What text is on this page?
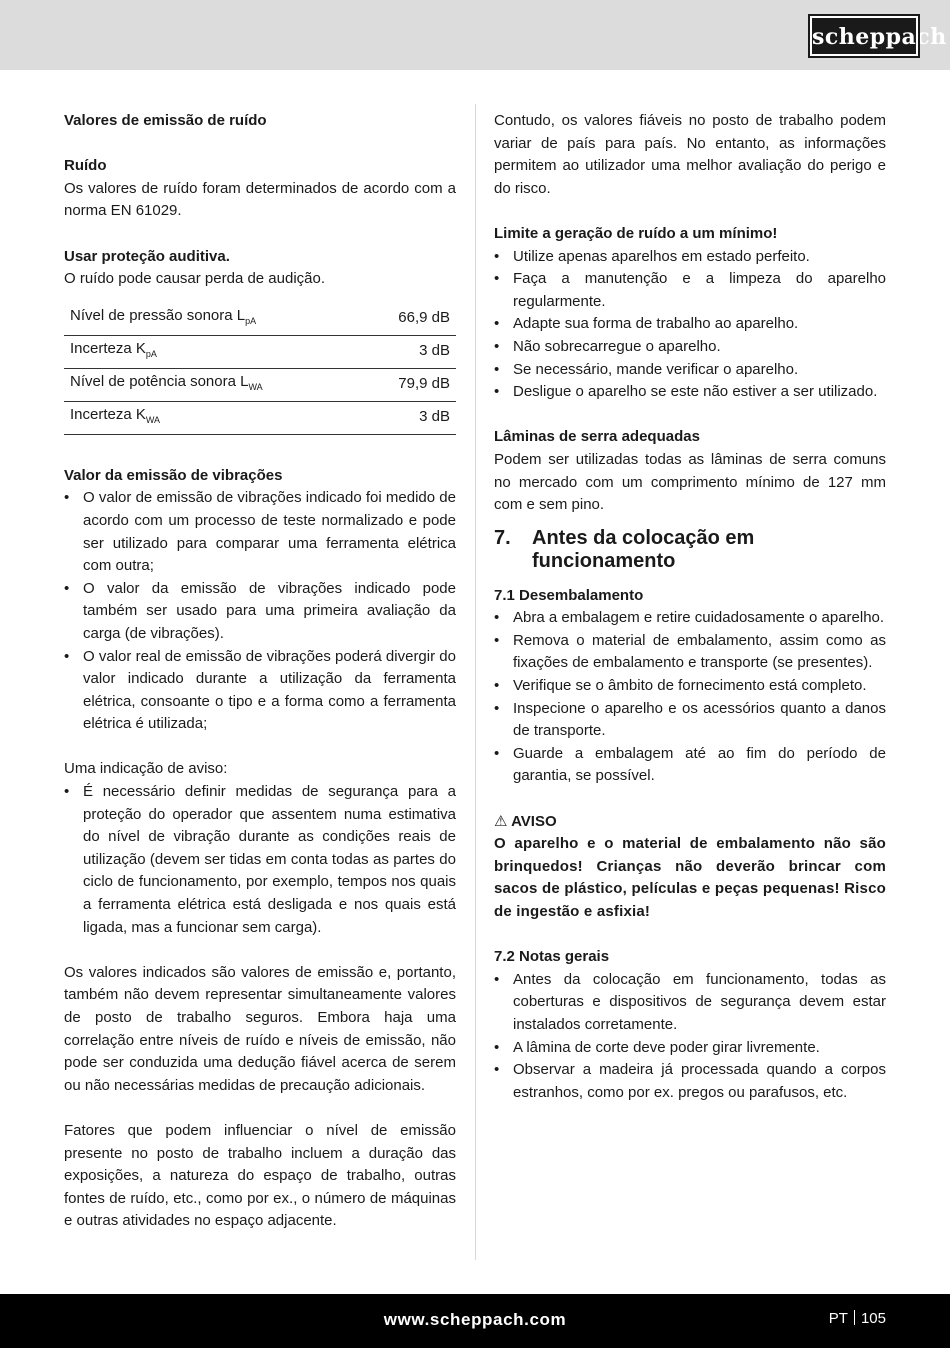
scheppach

Valores de emissão de ruído

Ruído

Os valores de ruído foram determinados de acordo com a norma EN 61029.

Usar proteção auditiva.

O ruído pode causar perda de audição.

Nível de pressão sonora $L_{pA}$	66,9 dB
Incerteza $K_{pA}$	3 dB
Nível de potência sonora $L_{WA}$	79,9 dB
Incerteza $K_{WA}$	3 dB

Valor da emissão de vibrações

• O valor de emissão de vibrações indicado foi medido de acordo com um processo de teste normalizado e pode ser utilizado para comparar uma ferramenta elétrica com outra;
• O valor da emissão de vibrações indicado pode também ser usado para uma primeira avaliação da carga (de vibrações).
• O valor real de emissão de vibrações poderá divergir do valor indicado durante a utilização da ferramenta elétrica, consoante o tipo e a forma como a ferramenta elétrica é utilizada;

Uma indicação de aviso:

• É necessário definir medidas de segurança para a proteção do operador que assentem numa estimativa do nível de vibração durante as condições reais de utilização (devem ser tidas em conta todas as partes do ciclo de funcionamento, por exemplo, tempos nos quais a ferramenta elétrica está desligada e nos quais está ligada, mas a funcionar sem carga).

Os valores indicados são valores de emissão e, portanto, também não devem representar simultaneamente valores de posto de trabalho seguros. Embora haja uma correlação entre níveis de ruído e níveis de emissão, não pode ser conduzida uma dedução fiável acerca de serem ou não necessárias medidas de precaução adicionais.

Fatores que podem influenciar o nível de emissão presente no posto de trabalho incluem a duração das exposições, a natureza do espaço de trabalho, outras fontes de ruído, etc., como por ex., o número de máquinas e outras atividades no espaço adjacente.

Contudo, os valores fiáveis no posto de trabalho podem variar de país para país. No entanto, as informações permitem ao utilizador uma melhor avaliação do perigo e do risco.

Limite a geração de ruído a um mínimo!

• Utilize apenas aparelhos em estado perfeito.
• Faça a manutenção e a limpeza do aparelho regularmente.
• Adapte sua forma de trabalho ao aparelho.
• Não sobrecarregue o aparelho.
• Se necessário, mande verificar o aparelho.
• Desligue o aparelho se este não estiver a ser utilizado.

Lâminas de serra adequadas

Podem ser utilizadas todas as lâminas de serra comuns no mercado com um comprimento mínimo de 127 mm com e sem pino.

7.	Antes da colocação em funcionamento

7.1 Desembalamento

• Abra a embalagem e retire cuidadosamente o aparelho.
• Remova o material de embalamento, assim como as fixações de embalamento e transporte (se presentes).
• Verifique se o âmbito de fornecimento está completo.
• Inspecione o aparelho e os acessórios quanto a danos de transporte.
• Guarde a embalagem até ao fim do período de garantia, se possível.

⚠ AVISO

O aparelho e o material de embalamento não são brinquedos! Crianças não deverão brincar com sacos de plástico, películas e peças pequenas! Risco de ingestão e asfixia!

7.2 Notas gerais

• Antes da colocação em funcionamento, todas as coberturas e dispositivos de segurança devem estar instalados corretamente.
• A lâmina de corte deve poder girar livremente.
• Observar a madeira já processada quando a corpos estranhos, como por ex. pregos ou parafusos, etc.
www.scheppach.com	PT 105
